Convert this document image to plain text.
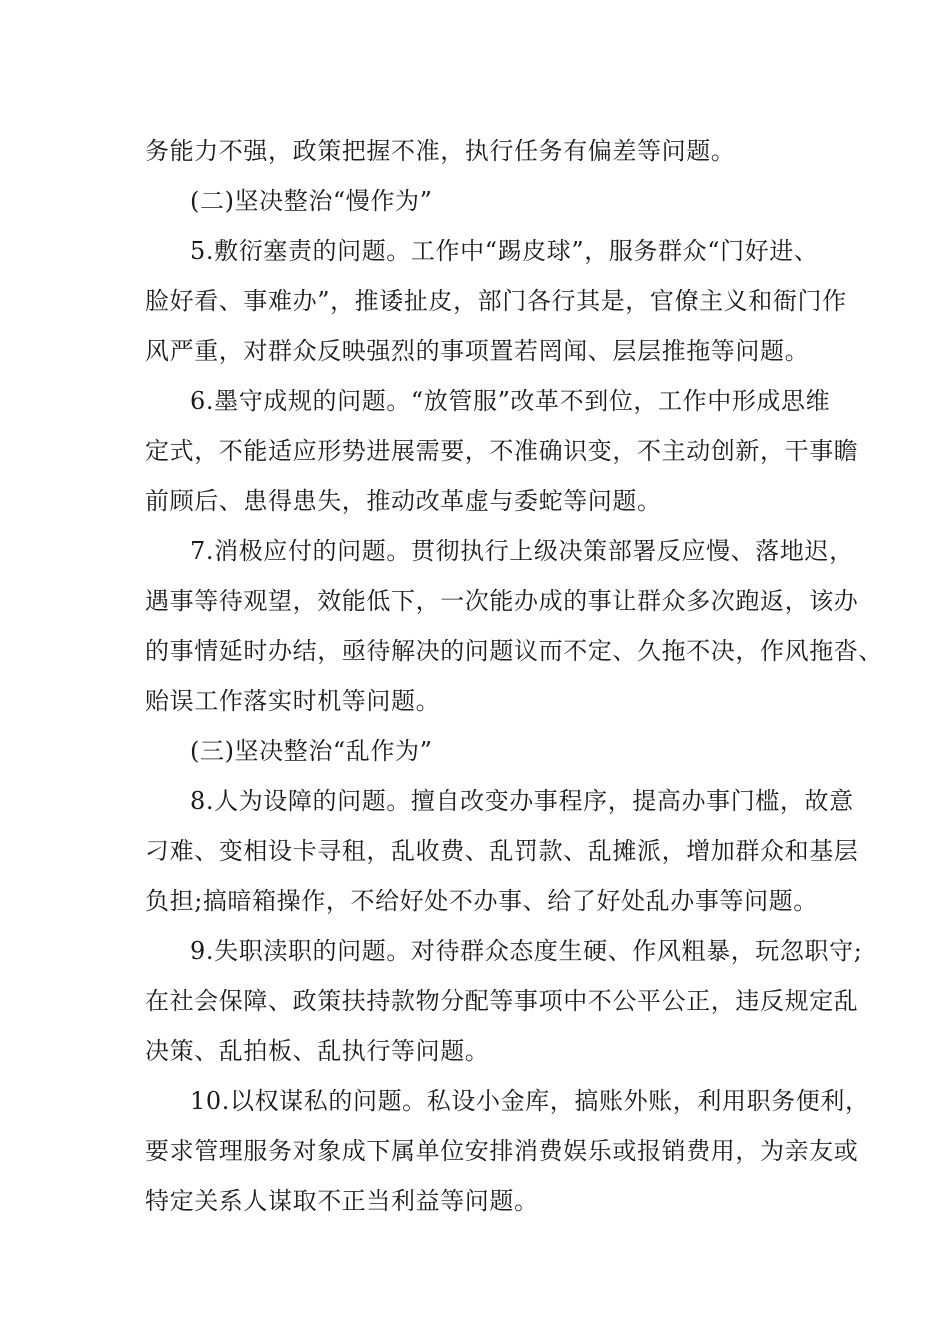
务能力不强，政策把握不准，执行任务有偏差等问题。
(二)坚决整治“慢作为”
5.敷衍塞责的问题。工作中“踢皮球”，服务群众“门好进、
脸好看、事难办”，推诿扯皮，部门各行其是，官僚主义和衙门作
风严重，对群众反映强烈的事项置若罔闻、层层推拖等问题。
6.墨守成规的问题。“放管服”改革不到位，工作中形成思维
定式，不能适应形势进展需要，不准确识变，不主动创新，干事瞻
前顾后、患得患失，推动改革虚与委蛇等问题。
7.消极应付的问题。贯彻执行上级决策部署反应慢、落地迟，
遇事等待观望，效能低下，一次能办成的事让群众多次跑返，该办
的事情延时办结，亟待解决的问题议而不定、久拖不决，作风拖沓、
贻误工作落实时机等问题。
(三)坚决整治“乱作为”
8.人为设障的问题。擅自改变办事程序，提高办事门槛，故意
刁难、变相设卡寻租，乱收费、乱罚款、乱摊派，增加群众和基层
负担;搞暗箱操作，不给好处不办事、给了好处乱办事等问题。
9.失职渎职的问题。对待群众态度生硬、作风粗暴，玩忽职守;
在社会保障、政策扶持款物分配等事项中不公平公正，违反规定乱
决策、乱拍板、乱执行等问题。
10.以权谋私的问题。私设小金库，搞账外账，利用职务便利，
要求管理服务对象成下属单位安排消费娱乐或报销费用，为亲友或
特定关系人谋取不正当利益等问题。
